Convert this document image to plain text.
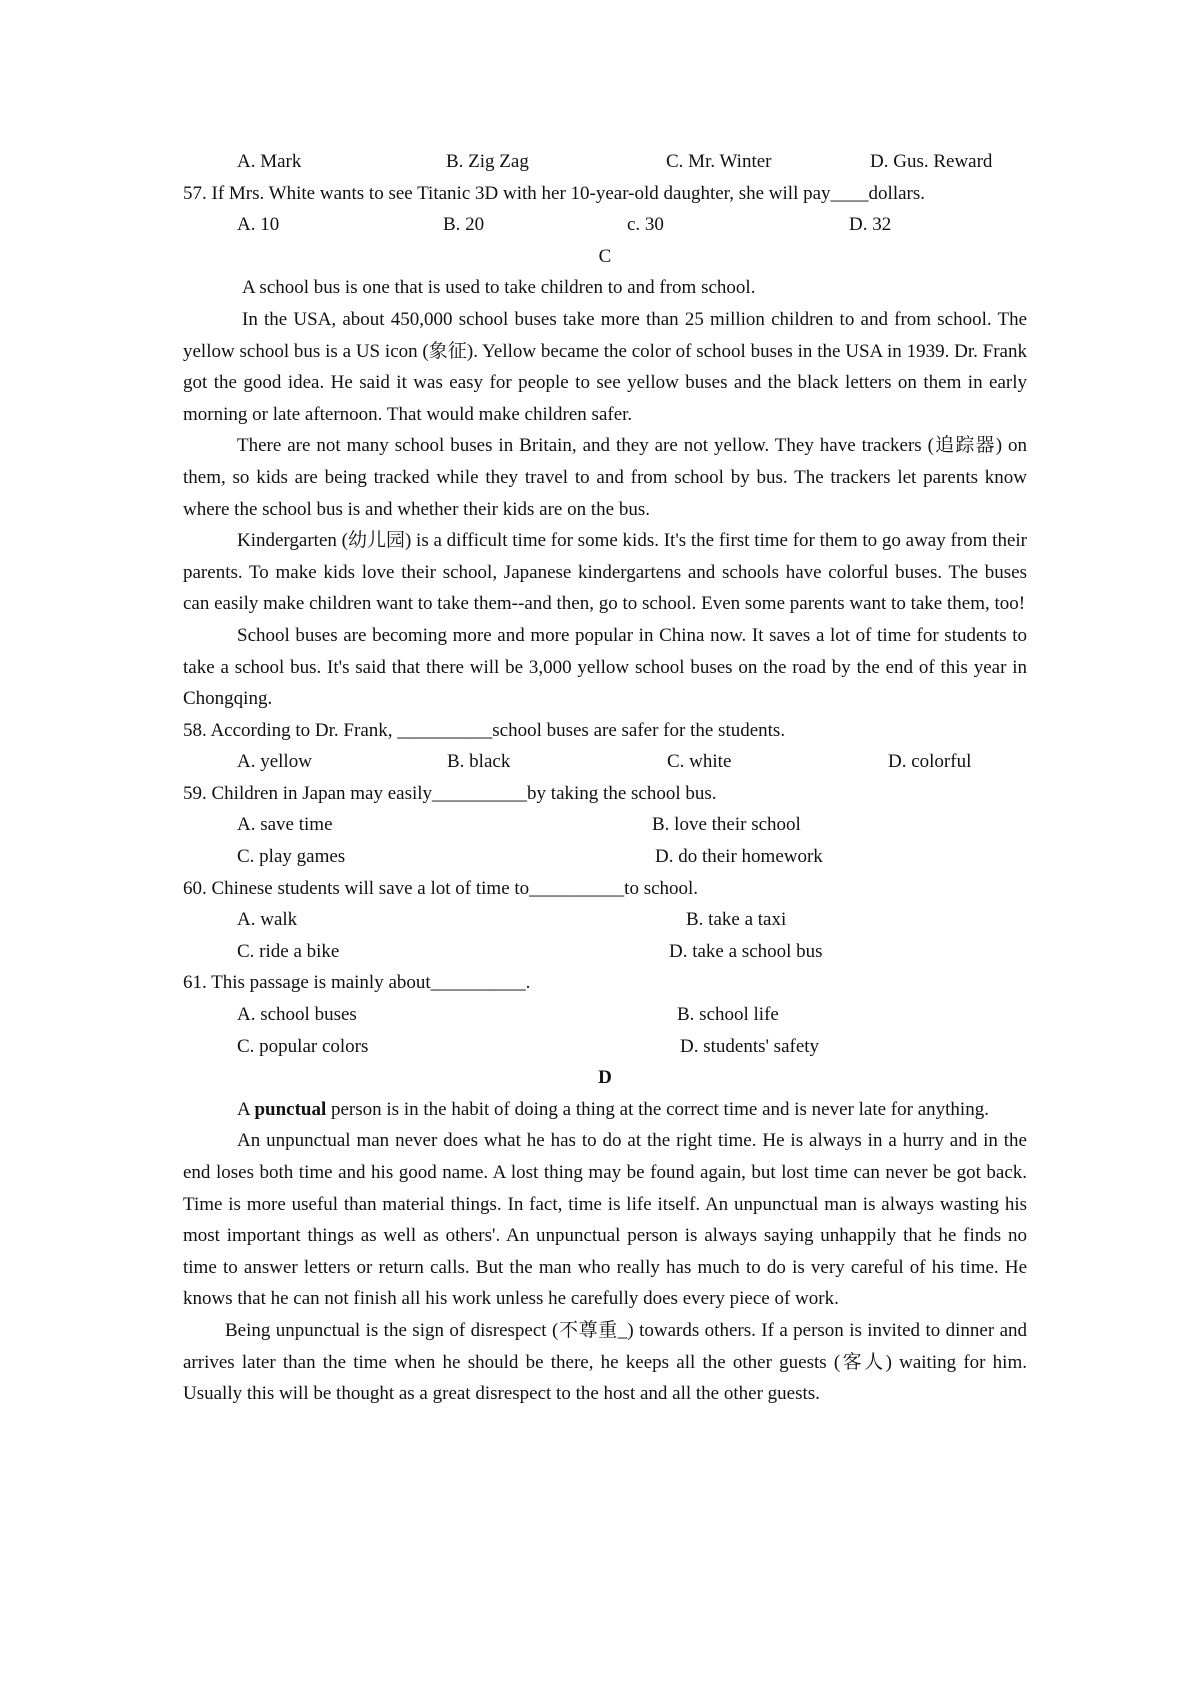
A. Mark	B. Zig Zag	C. Mr. Winter	D. Gus. Reward
57. If Mrs. White wants to see Titanic 3D with her 10-year-old daughter, she will pay____dollars.
A. 10	B. 20	c. 30	D. 32
C

A school bus is one that is used to take children to and from school.

In the USA, about 450,000 school buses take more than 25 million children to and from school. The yellow school bus is a US icon (象征). Yellow became the color of school buses in the USA in 1939. Dr. Frank got the good idea. He said it was easy for people to see yellow buses and the black letters on them in early morning or late afternoon. That would make children safer.

There are not many school buses in Britain, and they are not yellow. They have trackers (追踪器) on them, so kids are being tracked while they travel to and from school by bus. The trackers let parents know where the school bus is and whether their kids are on the bus.

Kindergarten (幼儿园) is a difficult time for some kids. It's the first time for them to go away from their parents. To make kids love their school, Japanese kindergartens and schools have colorful buses. The buses can easily make children want to take them--and then, go to school. Even some parents want to take them, too!

School buses are becoming more and more popular in China now. It saves a lot of time for students to take a school bus. It's said that there will be 3,000 yellow school buses on the road by the end of this year in Chongqing.

58. According to Dr. Frank, __________school buses are safer for the students.
A. yellow	B. black	C. white	D. colorful
59. Children in Japan may easily__________by taking the school bus.
A. save time	B. love their school
C. play games	D. do their homework
60. Chinese students will save a lot of time to__________to school.
A. walk	B. take a taxi
C. ride a bike	D. take a school bus
61. This passage is mainly about__________.
A. school buses	B. school life
C. popular colors	D. students' safety
D

A punctual person is in the habit of doing a thing at the correct time and is never late for anything.

An unpunctual man never does what he has to do at the right time. He is always in a hurry and in the end loses both time and his good name. A lost thing may be found again, but lost time can never be got back. Time is more useful than material things. In fact, time is life itself. An unpunctual man is always wasting his most important things as well as others'. An unpunctual person is always saying unhappily that he finds no time to answer letters or return calls. But the man who really has much to do is very careful of his time. He knows that he can not finish all his work unless he carefully does every piece of work.

Being unpunctual is the sign of disrespect (不尊重_) towards others. If a person is invited to dinner and arrives later than the time when he should be there, he keeps all the other guests (客人) waiting for him. Usually this will be thought as a great disrespect to the host and all the other guests.
